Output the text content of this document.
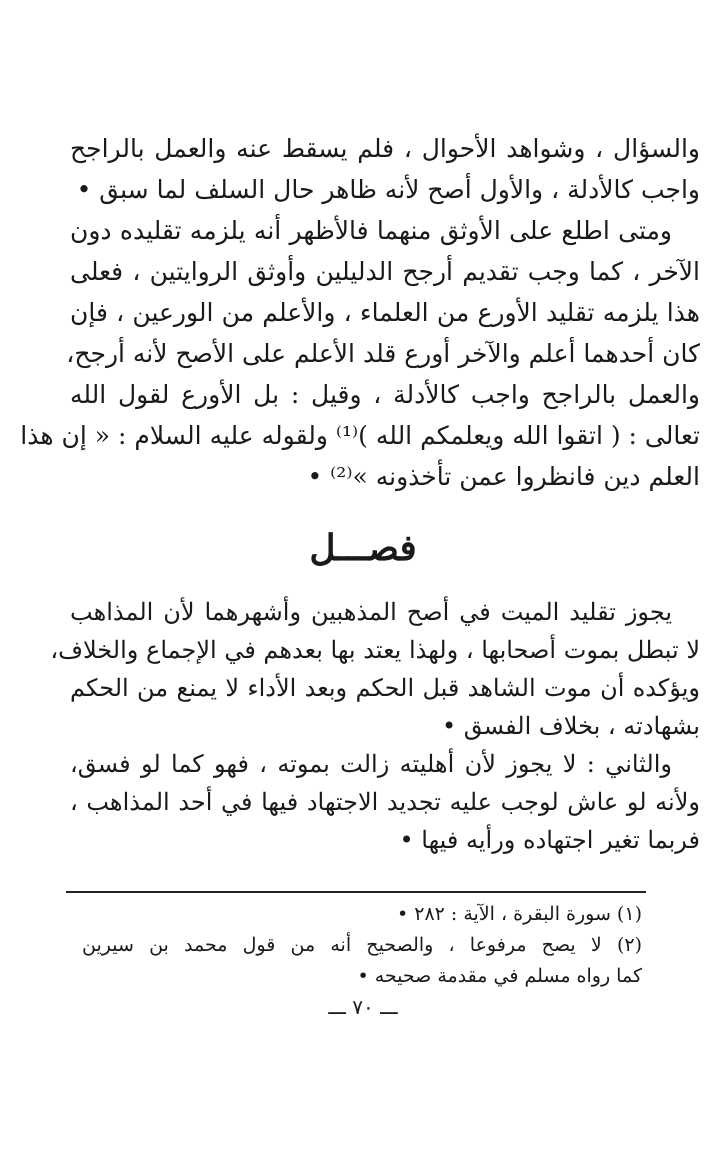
والسؤال ، وشواهد الأحوال ، فلم يسقط عنه والعمل بالراجح
واجب كالأدلة ، والأول أصح لأنه ظاهر حال السلف لما سبق •
ومتى اطلع على الأوثق منهما فالأظهر أنه يلزمه تقليده دون
الآخر ، كما وجب تقديم أرجح الدليلين وأوثق الروايتين ، فعلى
هذا يلزمه تقليد الأورع من العلماء ، والأعلم من الورعين ، فإن
كان أحدهما أعلم والآخر أورع قلد الأعلم على الأصح لأنه أرجح،
والعمل بالراجح واجب كالأدلة ، وقيل : بل الأورع لقول الله
تعالى : ( اتقوا الله ويعلمكم الله )⁽¹⁾ ولقوله عليه السلام : « إن هذا
العلم دين فانظروا عمن تأخذونه »⁽²⁾ •
فصـــل
يجوز تقليد الميت في أصح المذهبين وأشهرهما لأن المذاهب
لا تبطل بموت أصحابها ، ولهذا يعتد بها بعدهم في الإجماع والخلاف،
ويؤكده أن موت الشاهد قبل الحكم وبعد الأداء لا يمنع من الحكم
بشهادته ، بخلاف الفسق •
والثاني : لا يجوز لأن أهليته زالت بموته ، فهو كما لو فسق،
ولأنه لو عاش لوجب عليه تجديد الاجتهاد فيها في أحد المذاهب ،
فربما تغير اجتهاده ورأيه فيها •
(١) سورة البقرة ، الآية : ٢٨٢ •
(٢) لا يصح مرفوعا ، والصحيح أنه من قول محمد بن سيرين
كما رواه مسلم في مقدمة صحيحه •
ـــ ٧٠ ـــ
